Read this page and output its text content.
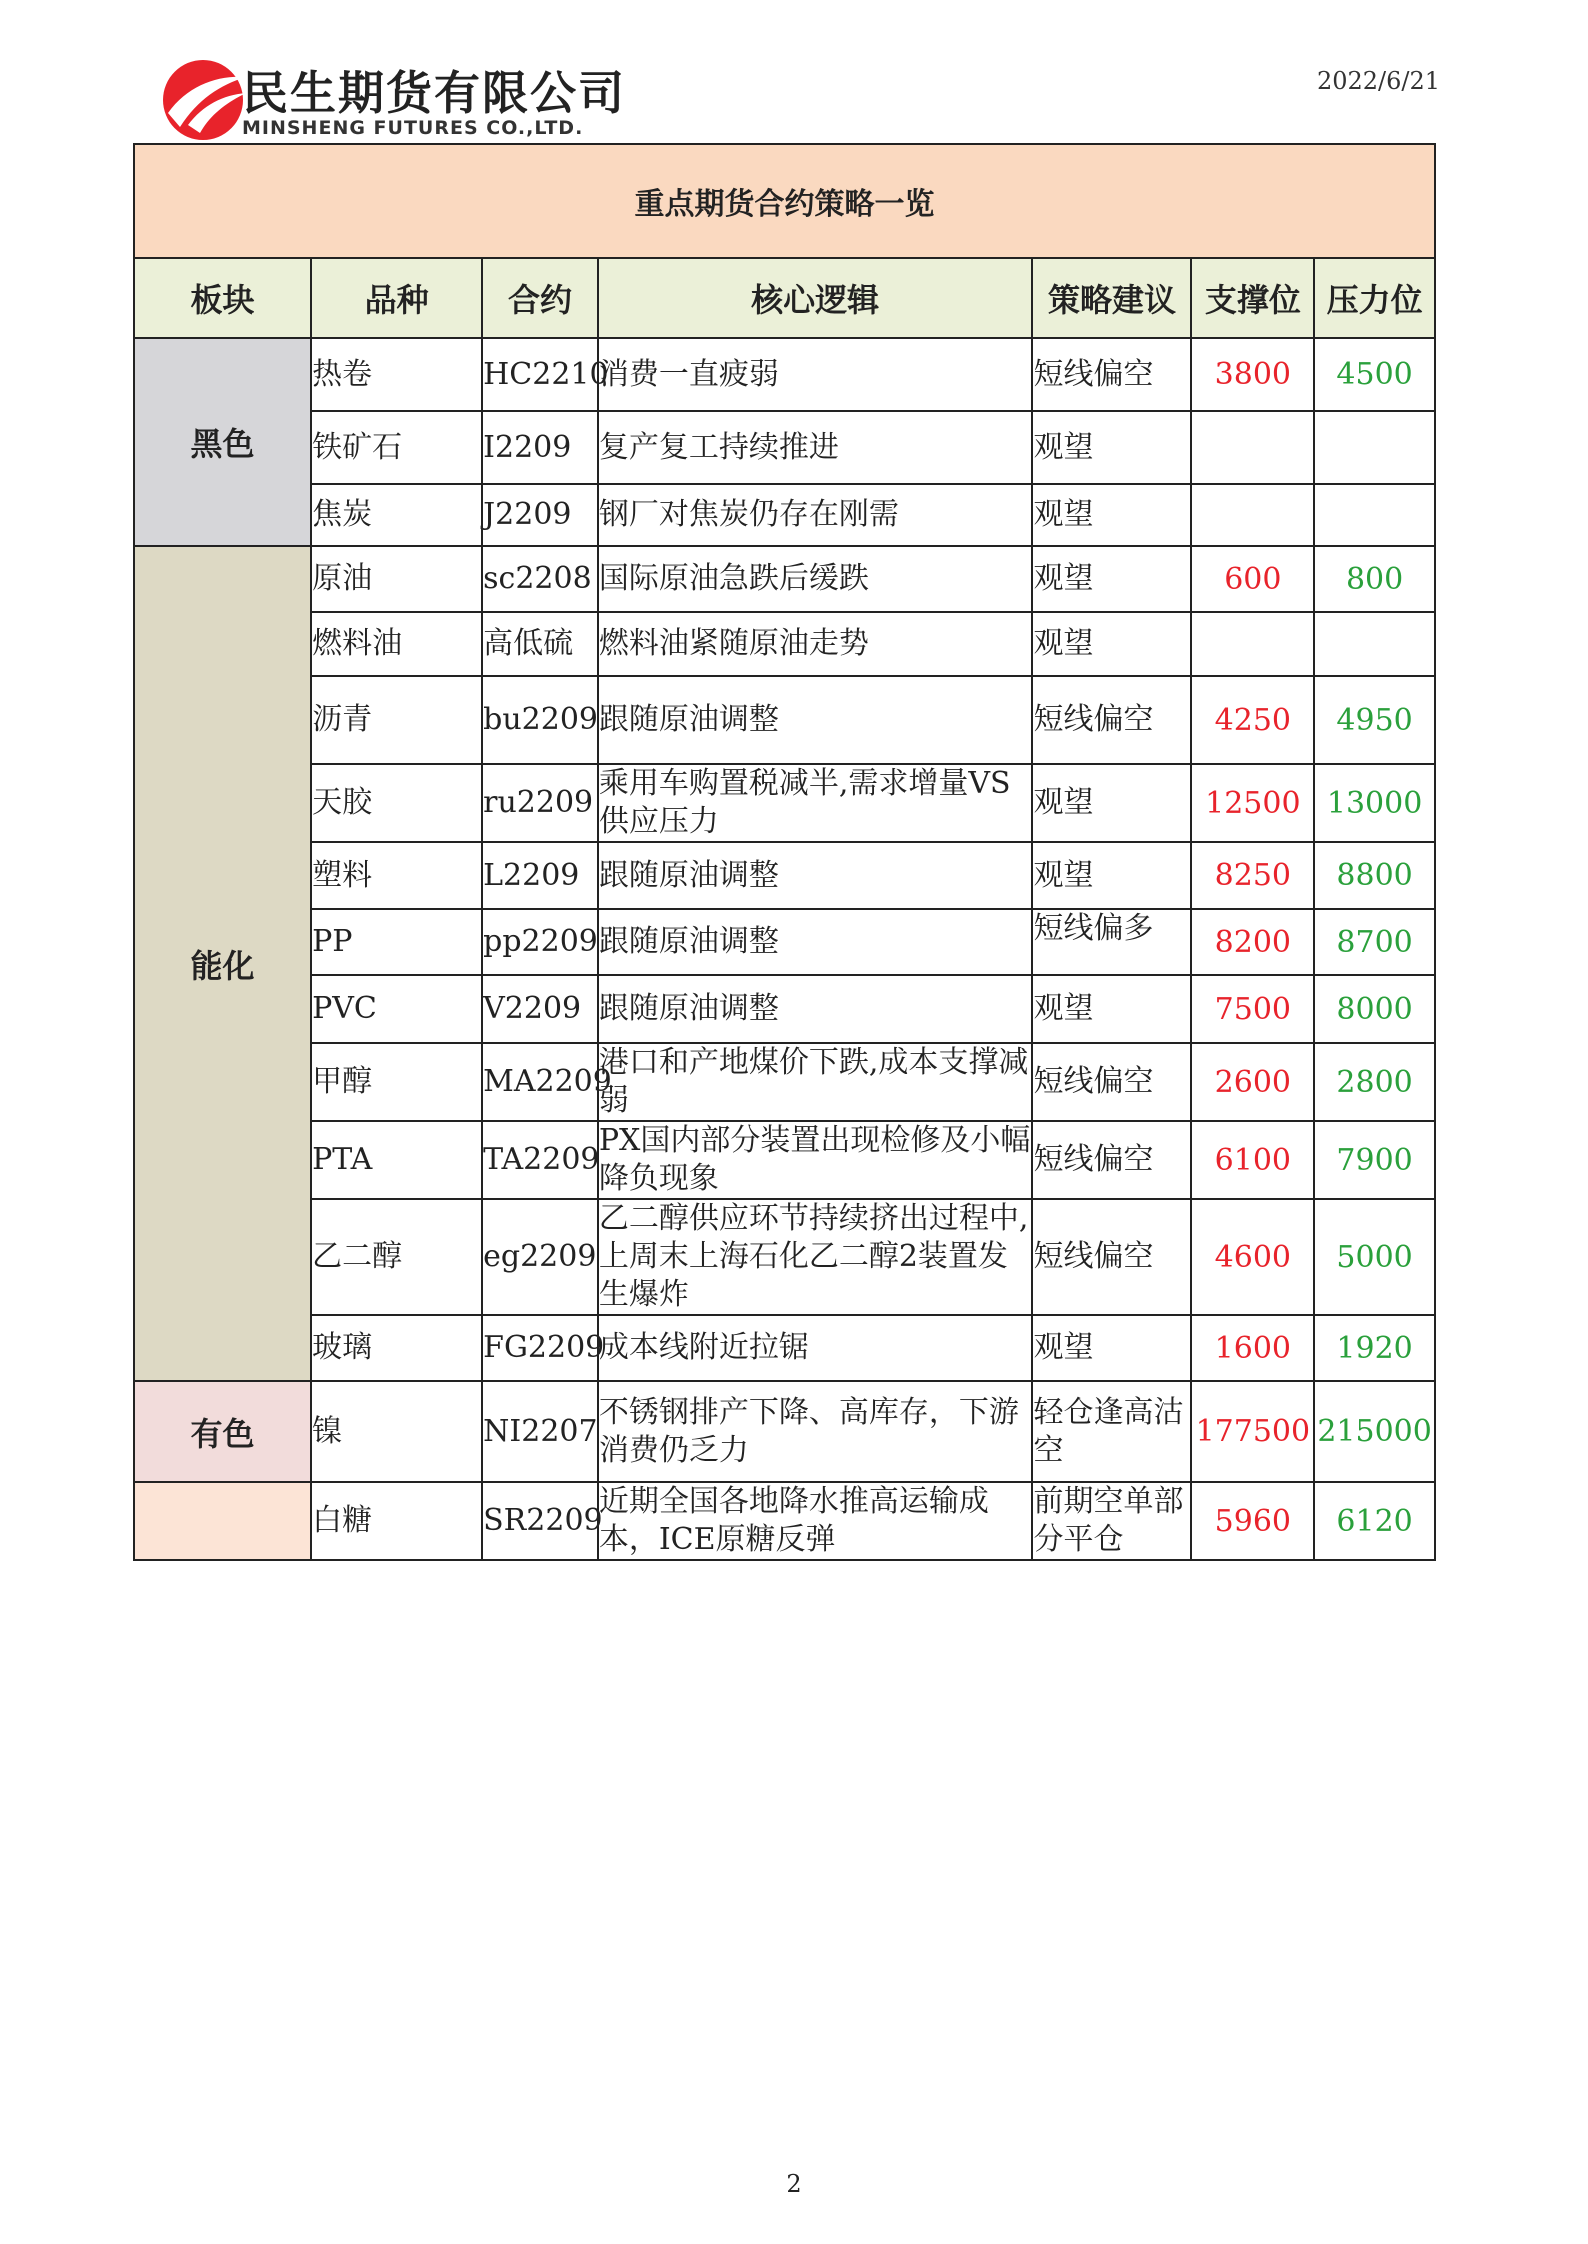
民生期货有限公司
MINSHENG FUTURES CO.,LTD.
2022/6/21
重点期货合约策略一览						
板块	品种	合约	核心逻辑	策略建议	支撑位	压力位
黑色	热卷	HC2210	消费一直疲弱	短线偏空	3800	4500
	铁矿石	I2209	复产复工持续推进	观望		
	焦炭	J2209	钢厂对焦炭仍存在刚需	观望		
能化	原油	sc2208	国际原油急跌后缓跌	观望	600	800
	燃料油	高低硫	燃料油紧随原油走势	观望		
	沥青	bu2209	跟随原油调整	短线偏空	4250	4950
	天胶	ru2209	乘用车购置税减半,需求增量VS供应压力	观望	12500	13000
	塑料	L2209	跟随原油调整	观望	8250	8800
	PP	pp2209	跟随原油调整	短线偏多	8200	8700
	PVC	V2209	跟随原油调整	观望	7500	8000
	甲醇	MA2209	港口和产地煤价下跌,成本支撑减弱	短线偏空	2600	2800
	PTA	TA2209	PX国内部分装置出现检修及小幅降负现象	短线偏空	6100	7900
	乙二醇	eg2209	乙二醇供应环节持续挤出过程中,上周末上海石化乙二醇2装置发生爆炸	短线偏空	4600	5000
	玻璃	FG2209	成本线附近拉锯	观望	1600	1920
有色	镍	NI2207	不锈钢排产下降、高库存，下游消费仍乏力	轻仓逢高沽空	177500	215000
	白糖	SR2209	近期全国各地降水推高运输成本，ICE原糖反弹	前期空单部分平仓	5960	6120
2
